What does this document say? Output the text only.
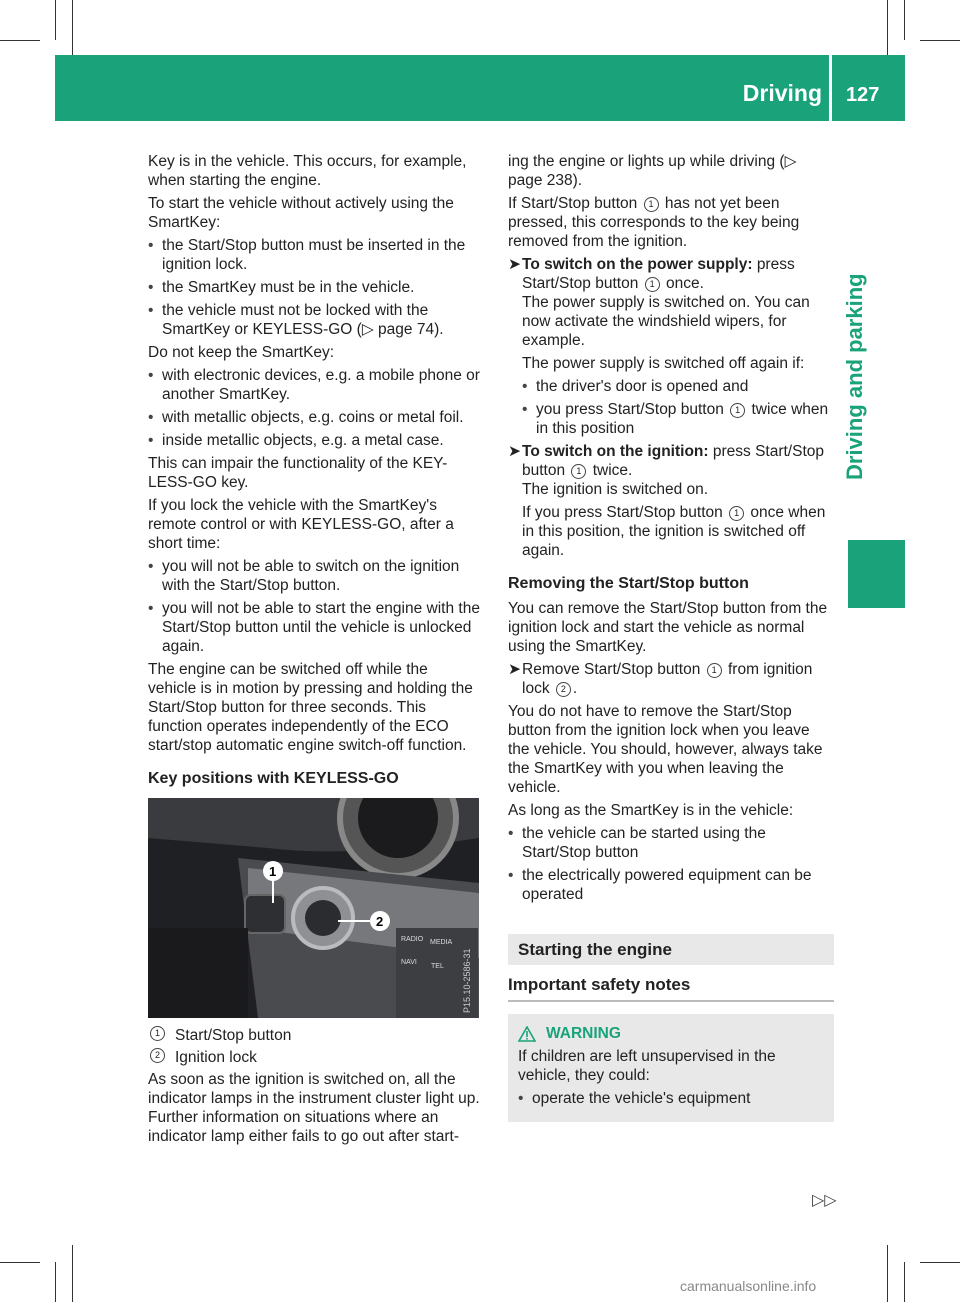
Driving 127
Driving and parking

Key is in the vehicle. This occurs, for example, when starting the engine.

To start the vehicle without actively using the SmartKey:

• the Start/Stop button must be inserted in the ignition lock.
• the SmartKey must be in the vehicle.
• the vehicle must not be locked with the SmartKey or KEYLESS-GO (▷ page 74).

Do not keep the SmartKey:

• with electronic devices, e.g. a mobile phone or another SmartKey.
• with metallic objects, e.g. coins or metal foil.
• inside metallic objects, e.g. a metal case.

This can impair the functionality of the KEY-LESS-GO key.

If you lock the vehicle with the SmartKey's remote control or with KEYLESS-GO, after a short time:

• you will not be able to switch on the ignition with the Start/Stop button.
• you will not be able to start the engine with the Start/Stop button until the vehicle is unlocked again.

The engine can be switched off while the vehicle is in motion by pressing and holding the Start/Stop button for three seconds. This function operates independently of the ECO start/stop automatic engine switch-off function.

Key positions with KEYLESS-GO
RADIO MEDIA
NAVI
TEL
1
2
P15.10-2586-31
1 Start/Stop button
2 Ignition lock

As soon as the ignition is switched on, all the indicator lamps in the instrument cluster light up. Further information on situations where an indicator lamp either fails to go out after start-

ing the engine or lights up while driving (▷ page 238).

If Start/Stop button 1 has not yet been pressed, this corresponds to the key being removed from the ignition.

➤ To switch on the power supply: press Start/Stop button 1 once.
The power supply is switched on. You can now activate the windshield wipers, for example.

The power supply is switched off again if:

• the driver's door is opened and
• you press Start/Stop button 1 twice when in this position
➤ To switch on the ignition: press Start/Stop button 1 twice.
The ignition is switched on.

If you press Start/Stop button 1 once when in this position, the ignition is switched off again.

Removing the Start/Stop button

You can remove the Start/Stop button from the ignition lock and start the vehicle as normal using the SmartKey.

➤ Remove Start/Stop button 1 from ignition lock 2 .

You do not have to remove the Start/Stop button from the ignition lock when you leave the vehicle. You should, however, always take the SmartKey with you when leaving the vehicle.

As long as the SmartKey is in the vehicle:

• the vehicle can be started using the Start/Stop button
• the electrically powered equipment can be operated
Starting the engine
Important safety notes
WARNING

If children are left unsupervised in the vehicle, they could:

• operate the vehicle's equipment
▷▷
carmanualsonline.info
